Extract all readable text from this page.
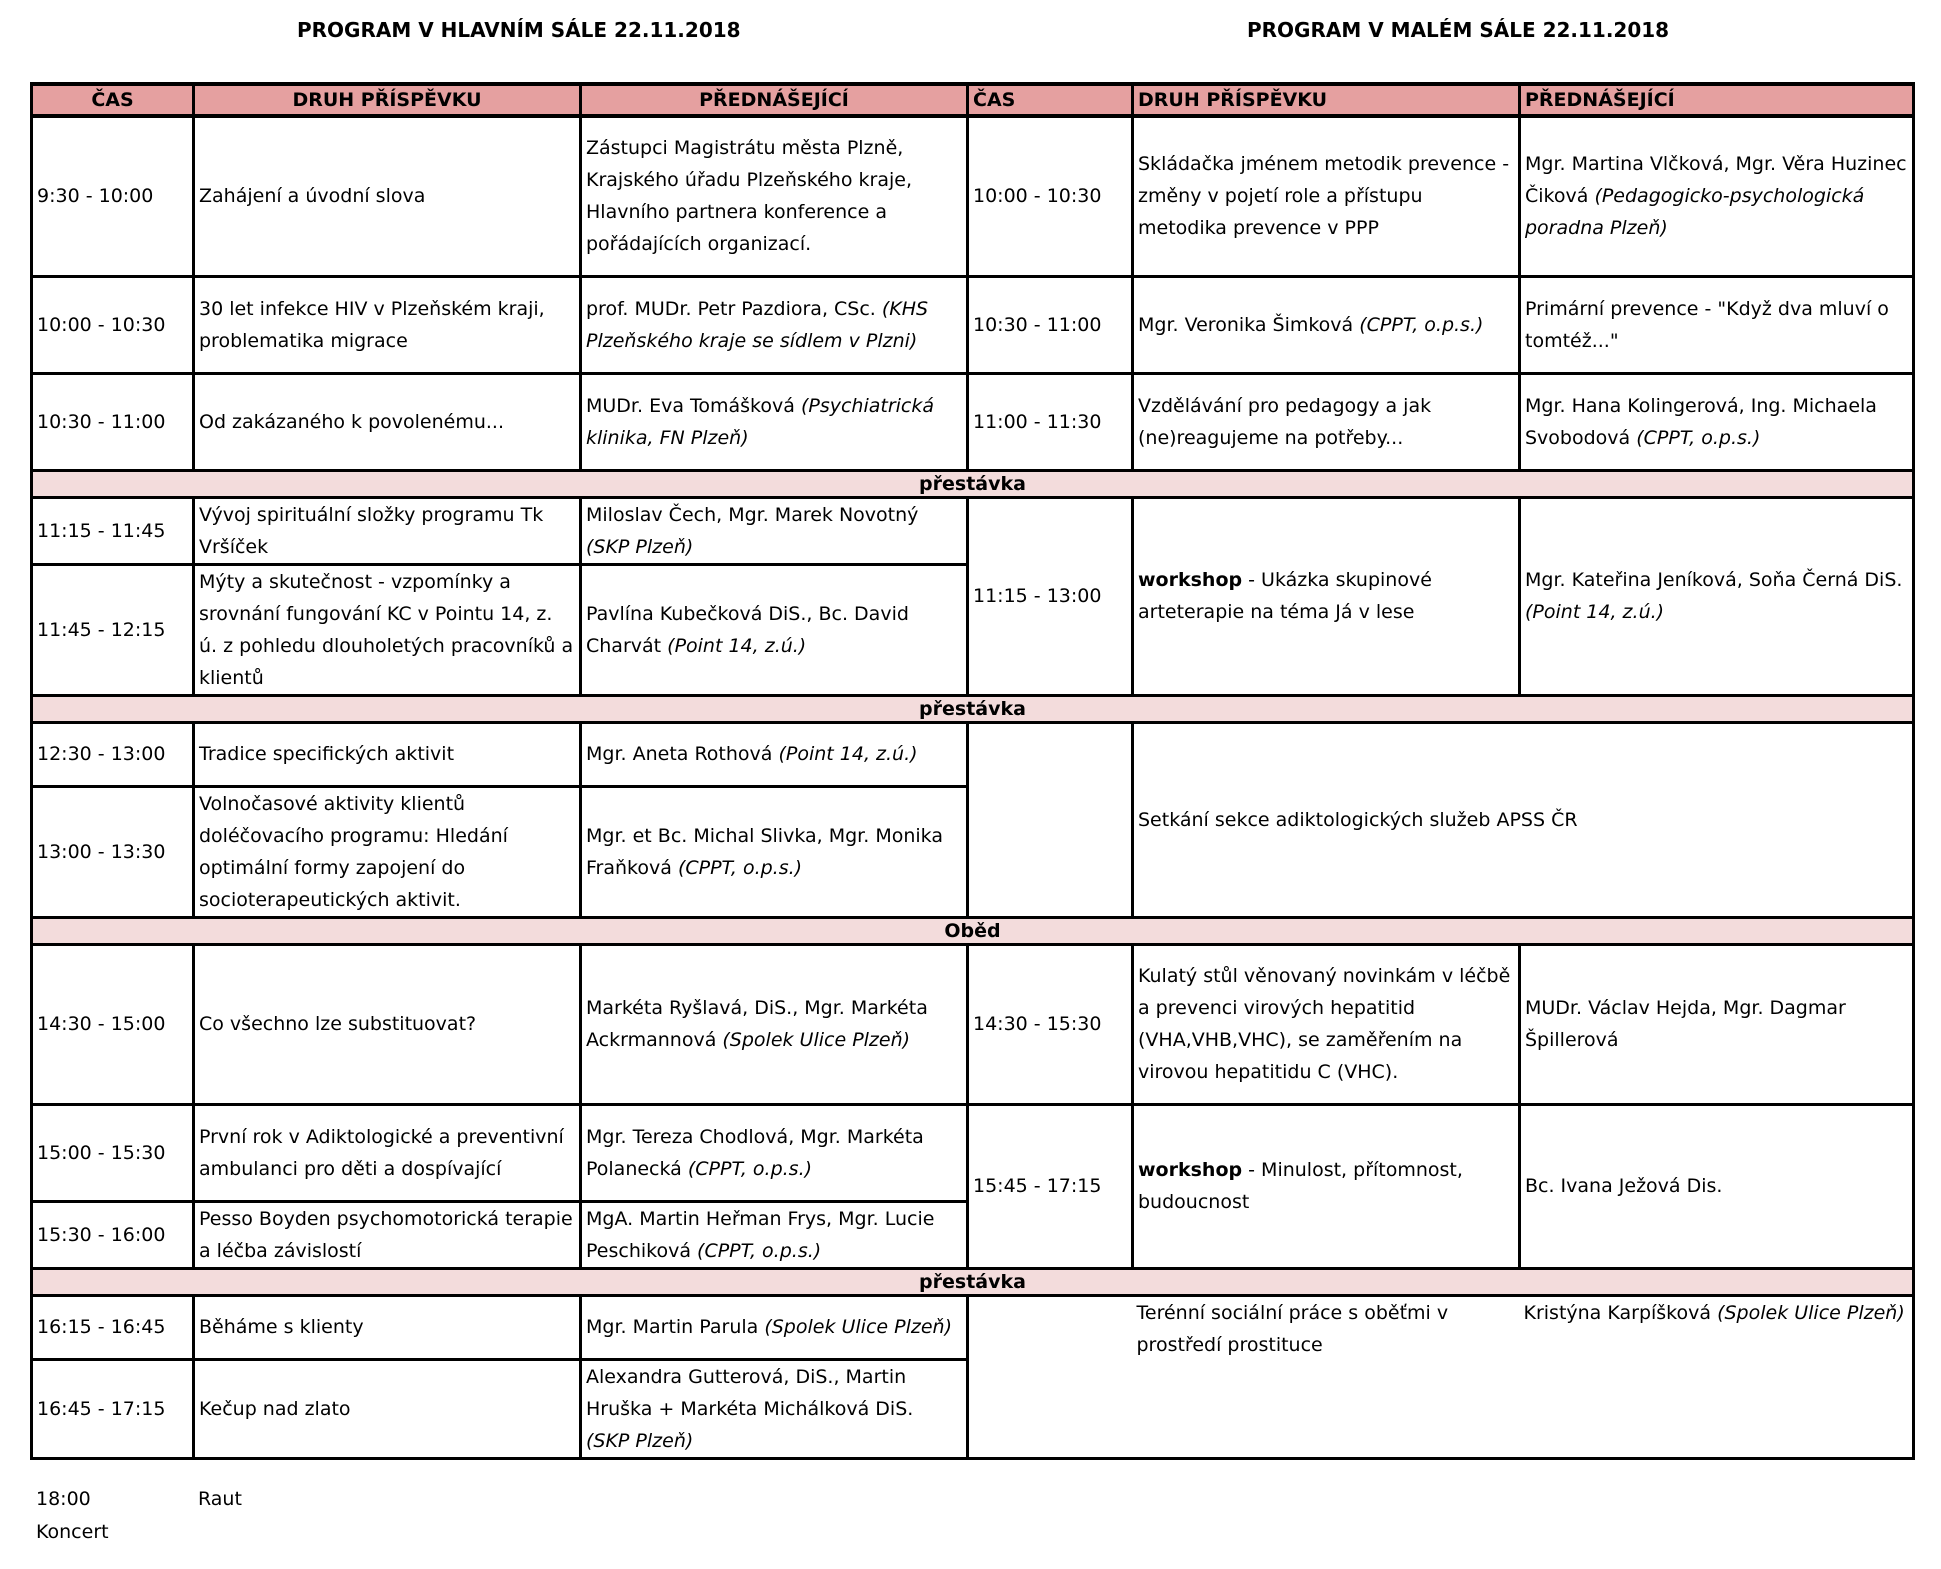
PROGRAM V HLAVNÍM SÁLE 22.11.2018	PROGRAM V MALÉM SÁLE 22.11.2018
ČAS	DRUH PŘÍSPĚVKU	PŘEDNÁŠEJÍCÍ	ČAS	DRUH PŘÍSPĚVKU	PŘEDNÁŠEJÍCÍ
9:30 - 10:00	Zahájení a úvodní slova	Zástupci Magistrátu města Plzně, Krajského úřadu Plzeňského kraje, Hlavního partnera konference a pořádajících organizací.	10:00 - 10:30	Skládačka jménem metodik prevence - změny v pojetí role a přístupu metodika prevence v PPP	Mgr. Martina Vlčková, Mgr. Věra Huzinec Čiková (Pedagogicko-psychologická poradna Plzeň)
10:00 - 10:30	30 let infekce HIV v Plzeňském kraji, problematika migrace	prof. MUDr. Petr Pazdiora, CSc. (KHS Plzeňského kraje se sídlem v Plzni)	10:30 - 11:00	Mgr. Veronika Šimková (CPPT, o.p.s.)	Primární prevence - "Když dva mluví o tomtéž..."
10:30 - 11:00	Od zakázaného k povolenému...	MUDr. Eva Tomášková (Psychiatrická klinika, FN Plzeň)	11:00 - 11:30	Vzdělávání pro pedagogy a jak (ne)reagujeme na potřeby...	Mgr. Hana Kolingerová, Ing. Michaela Svobodová (CPPT, o.p.s.)
přestávka					
11:15 - 11:45	Vývoj spirituální složky programu Tk Vršíček	Miloslav Čech, Mgr. Marek Novotný (SKP Plzeň)	11:15 - 13:00	workshop - Ukázka skupinové arteterapie na téma Já v lese	Mgr. Kateřina Jeníková, Soňa Černá DiS. (Point 14, z.ú.)
11:45 - 12:15	Mýty a skutečnost - vzpomínky a srovnání fungování KC v Pointu 14, z. ú. z pohledu dlouholetých pracovníků a klientů	Pavlína Kubečková DiS., Bc. David Charvát (Point 14, z.ú.)			
přestávka					
12:30 - 13:00	Tradice specifických aktivit	Mgr. Aneta Rothová (Point 14, z.ú.)		Setkání sekce adiktologických služeb APSS ČR	
13:00 - 13:30	Volnočasové aktivity klientů doléčovacího programu: Hledání optimální formy zapojení do socioterapeutických aktivit.	Mgr. et Bc. Michal Slivka, Mgr. Monika Fraňková (CPPT, o.p.s.)			
Oběd					
14:30 - 15:00	Co všechno lze substituovat?	Markéta Ryšlavá, DiS., Mgr. Markéta Ackrmannová (Spolek Ulice Plzeň)	14:30 - 15:30	Kulatý stůl věnovaný novinkám v léčbě a prevenci virových hepatitid (VHA,VHB,VHC), se zaměřením na virovou hepatitidu C (VHC).	MUDr. Václav Hejda, Mgr. Dagmar Špillerová
15:00 - 15:30	První rok v Adiktologické a preventivní ambulanci pro děti a dospívající	Mgr. Tereza Chodlová, Mgr. Markéta Polanecká (CPPT, o.p.s.)	15:45 - 17:15	workshop - Minulost, přítomnost, budoucnost	Bc. Ivana Ježová Dis.
15:30 - 16:00	Pesso Boyden psychomotorická terapie a léčba závislostí	MgA. Martin Heřman Frys, Mgr. Lucie Peschiková (CPPT, o.p.s.)			
přestávka					
16:15 - 16:45	Běháme s klienty	Mgr. Martin Parula (Spolek Ulice Plzeň)		Terénní sociální práce s oběťmi v prostředí prostituce	Kristýna Karpíšková (Spolek Ulice Plzeň)
16:45 - 17:15	Kečup nad zlato	Alexandra Gutterová, DiS., Martin Hruška + Markéta Michálková DiS. (SKP Plzeň)			
18:00	Raut
Koncert
